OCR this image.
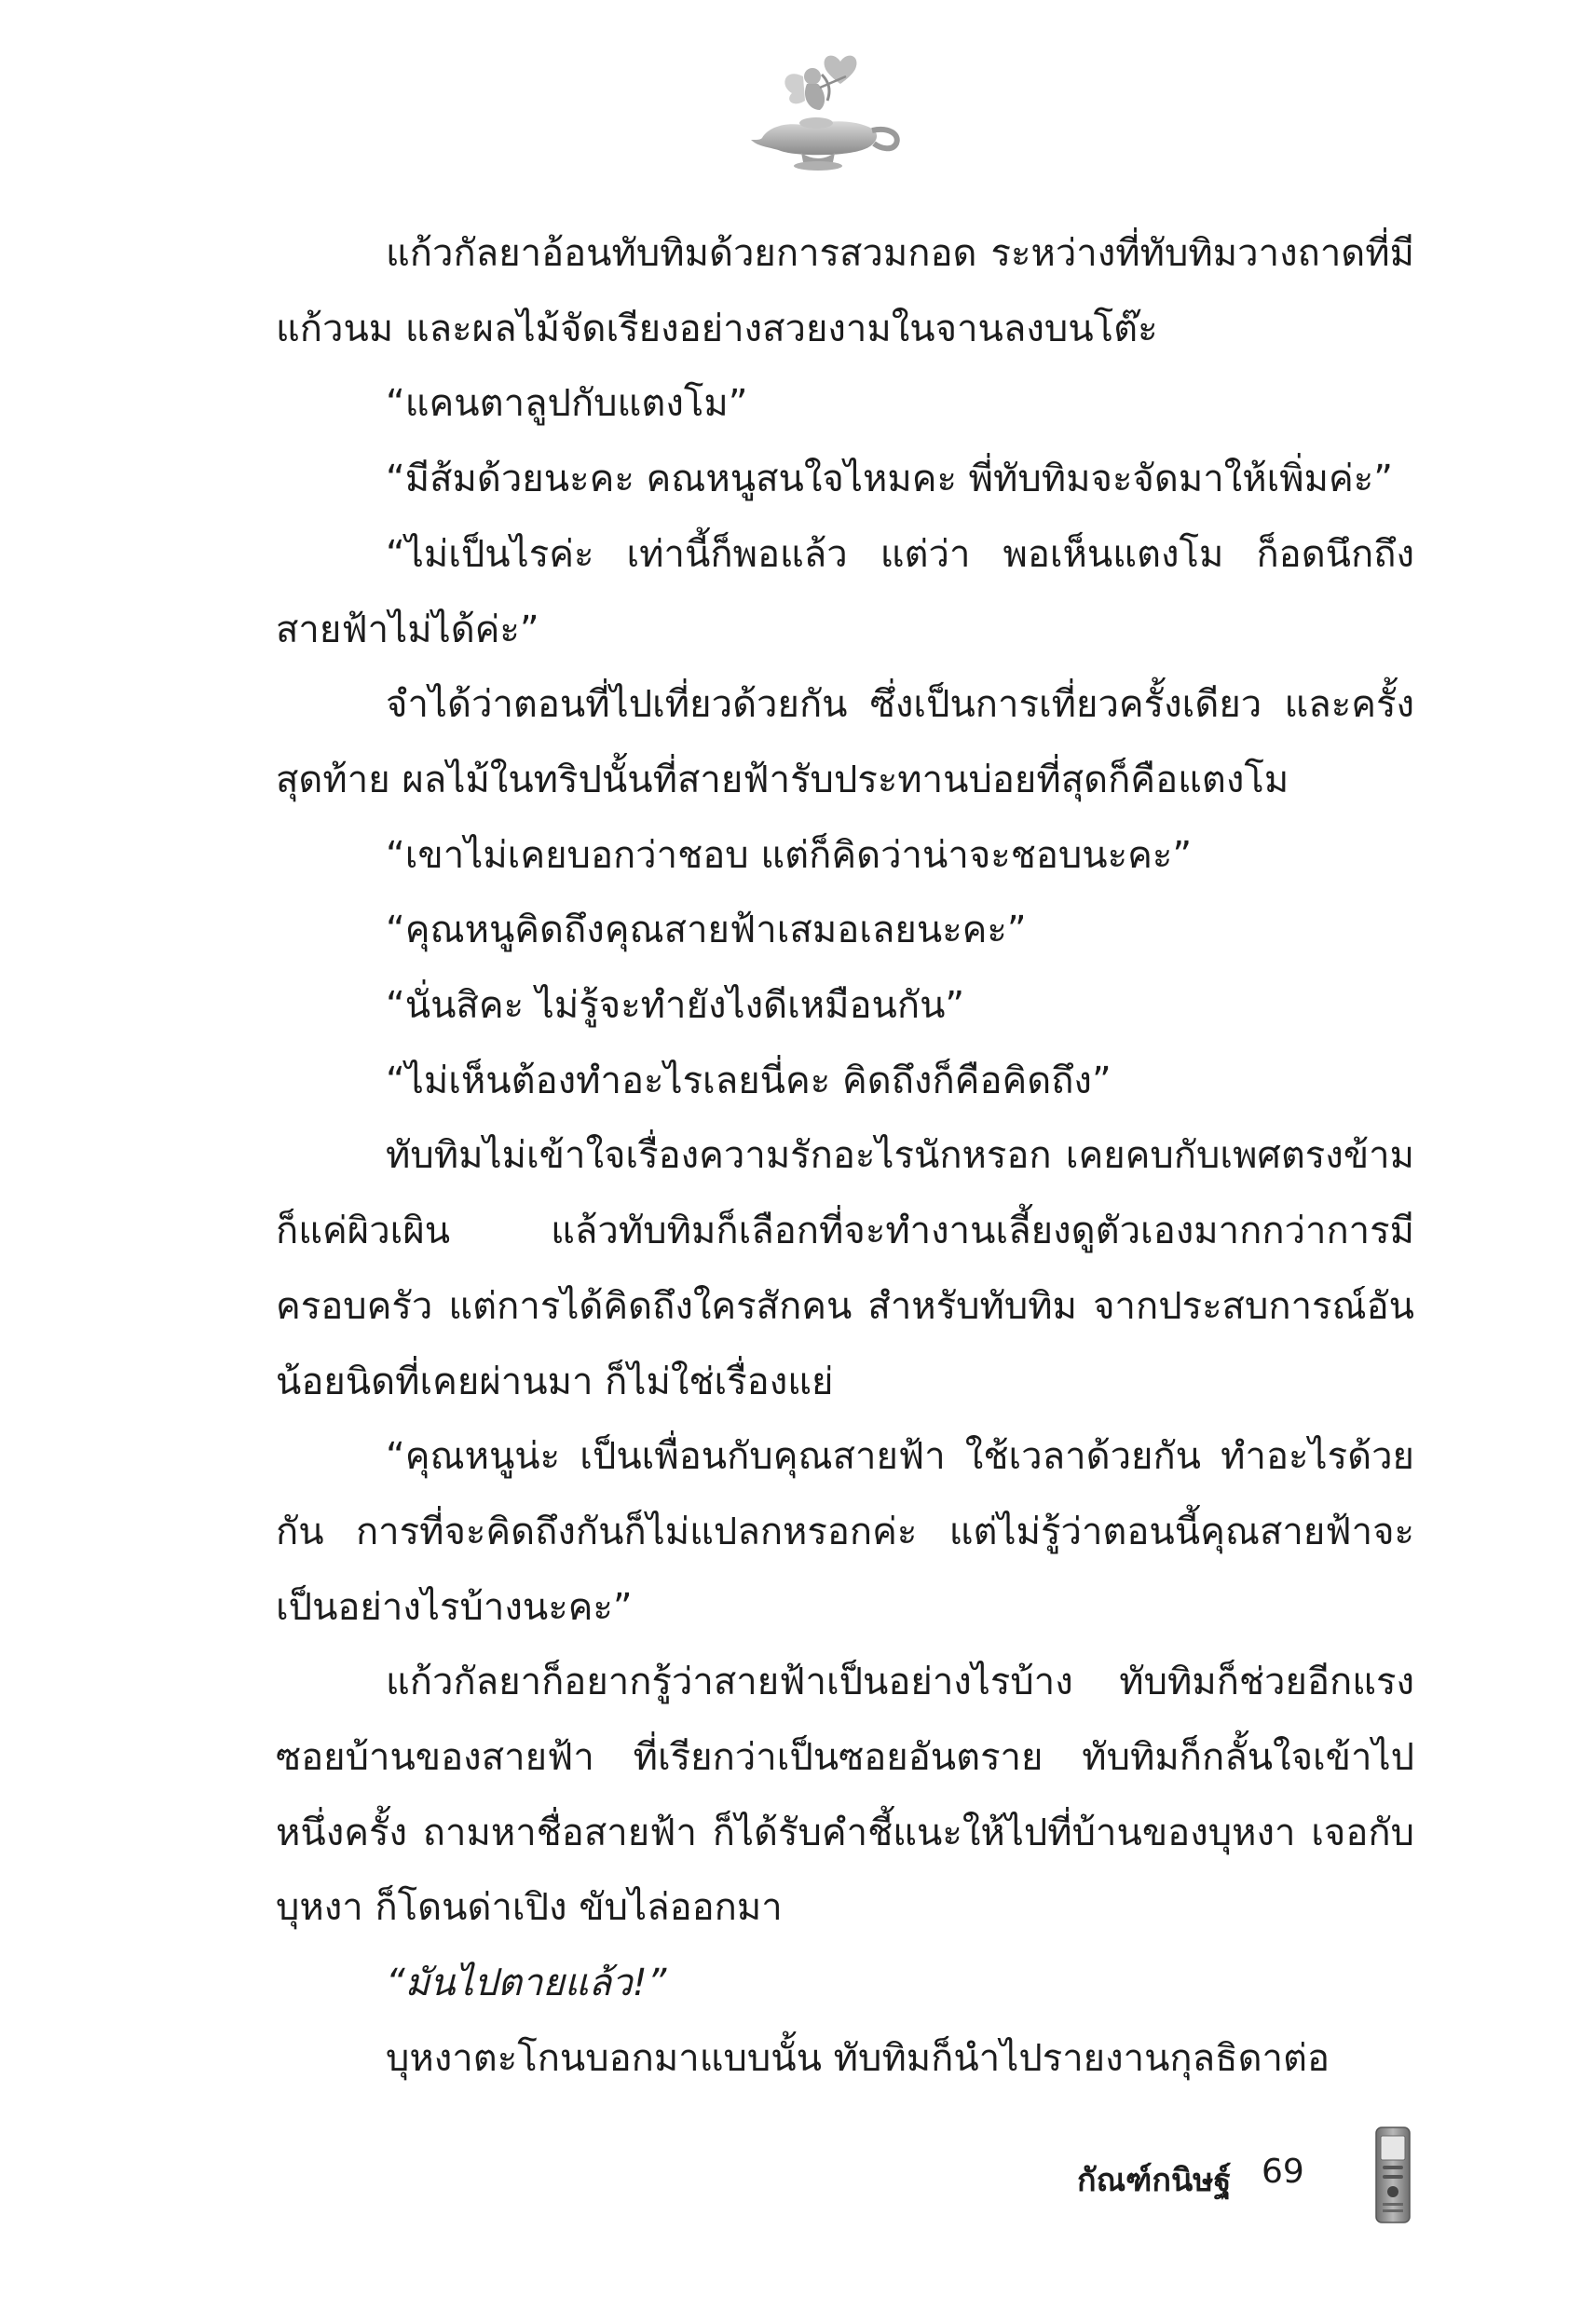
แก้วกัลยาอ้อนทับทิมด้วยการสวมกอด ระหว่างที่ทับทิมวางถาดที่มีแก้วนม และผลไม้จัดเรียงอย่างสวยงามในจานลงบนโต๊ะ

“แคนตาลูปกับแตงโม”

“มีส้มด้วยนะคะ คณหนูสนใจไหมคะ พี่ทับทิมจะจัดมาให้เพิ่มค่ะ”

“ไม่เป็นไรค่ะ เท่านี้ก็พอแล้ว แต่ว่า พอเห็นแตงโม ก็อดนึกถึงสายฟ้าไม่ได้ค่ะ”

จำได้ว่าตอนที่ไปเที่ยวด้วยกัน ซึ่งเป็นการเที่ยวครั้งเดียว และครั้งสุดท้าย ผลไม้ในทริปนั้นที่สายฟ้ารับประทานบ่อยที่สุดก็คือแตงโม

“เขาไม่เคยบอกว่าชอบ แต่ก็คิดว่าน่าจะชอบนะคะ”

“คุณหนูคิดถึงคุณสายฟ้าเสมอเลยนะคะ”

“นั่นสิคะ ไม่รู้จะทำยังไงดีเหมือนกัน”

“ไม่เห็นต้องทำอะไรเลยนี่คะ คิดถึงก็คือคิดถึง”

ทับทิมไม่เข้าใจเรื่องความรักอะไรนักหรอก เคยคบกับเพศตรงข้ามก็แค่ผิวเผิน แล้วทับทิมก็เลือกที่จะทำงานเลี้ยงดูตัวเองมากกว่าการมีครอบครัว แต่การได้คิดถึงใครสักคน สำหรับทับทิม จากประสบการณ์อันน้อยนิดที่เคยผ่านมา ก็ไม่ใช่เรื่องแย่

“คุณหนูน่ะ เป็นเพื่อนกับคุณสายฟ้า ใช้เวลาด้วยกัน ทำอะไรด้วยกัน การที่จะคิดถึงกันก็ไม่แปลกหรอกค่ะ แต่ไม่รู้ว่าตอนนี้คุณสายฟ้าจะเป็นอย่างไรบ้างนะคะ”

แก้วกัลยาก็อยากรู้ว่าสายฟ้าเป็นอย่างไรบ้าง ทับทิมก็ช่วยอีกแรงซอยบ้านของสายฟ้า ที่เรียกว่าเป็นซอยอันตราย ทับทิมก็กลั้นใจเข้าไปหนึ่งครั้ง ถามหาชื่อสายฟ้า ก็ได้รับคำชี้แนะให้ไปที่บ้านของบุหงา เจอกับบุหงา ก็โดนด่าเปิง ขับไล่ออกมา

“มันไปตายแล้ว!”

บุหงาตะโกนบอกมาแบบนั้น ทับทิมก็นำไปรายงานกุลธิดาต่อ

กัณฑ์กนิษฐ์ 69
